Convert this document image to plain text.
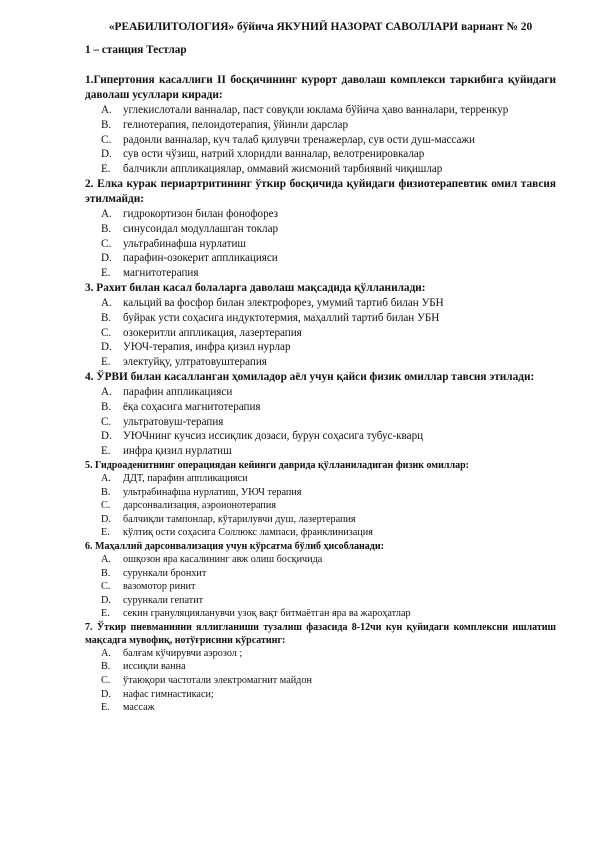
«РЕАБИЛИТОЛОГИЯ» бўйича ЯКУНИЙ НАЗОРАТ САВОЛЛАРИ вариант № 20
1 – станция Тестлар

1.Гипертония касаллиги II босқичининг курорт даволаш комплекси таркибига қуйидаги даволаш усуллари киради:

A.	углекислотали ванналар, паст совуқли юклама бўйича ҳаво ванналари, терренкур
B.	гелиотерапия, пелоидотерапия, ўйинли дарслар
C.	радонли ванналар, куч талаб қилувчи тренажерлар, сув ости душ-массажи
D.	сув ости чўзиш, натрий хлоридли ванналар, велотренировкалар
E.	балчикли аппликациялар, оммавий жисмоний тарбиявий чиқишлар

2. Елка курак периартритининг ўткир босқичида қуйидаги физиотерапевтик омил тавсия этилмайди:

A.	гидрокортизон билан фонофорез
B.	синусоидал модуллашган токлар
C.	ультрабинафша нурлатиш
D.	парафин-озокерит аппликацияси
E.	магнитотерапия

3. Рахит билан касал болаларга даволаш мақсадида қўлланилади:

A.	кальций ва фосфор билан электрофорез, умумий тартиб билан УБН
B.	буйрак усти соҳасига индуктотермия, маҳаллий тартиб билан УБН
C.	озокеритли аппликация, лазертерапия
D.	УЮЧ-терапия, инфра қизил нурлар
E.	электуйқу, ултратовуштерапия

4. ЎРВИ билан касалланган ҳомиладор аёл учун қайси физик омиллар тавсия этилади:

A.	парафин аппликацияси
B.	ёқа соҳасига магнитотерапия
C.	ультратовуш-терапия
D.	УЮЧнинг кучсиз иссиқлик дозаси, бурун соҳасига тубус-кварц
E.	инфра қизил нурлатиш

5. Гидроаденитнинг операциядан кейинги даврида қўлланиладиган физик омиллар:

A.	ДДТ, парафин аппликацияси
B.	ультрабинафша нурлатиш, УЮЧ терапия
C.	дарсонвализация, аэроионотерапия
D.	балчиқли тампонлар, кўтарилувчи душ, лазертерапия
E.	кўлтиқ ости соҳасига Соллюкс лампаси, франклинизация

6. Маҳаллий дарсонвализация учун кўрсатма бўлиб ҳисобланади:

A.	ошқозон яра касалининг авж олиш босқичида
B.	сурункали бронхит
C.	вазомотор ринит
D.	сурункали гепатит
E.	секин грануляцияланувчи узоқ вақт битмаётган яра ва жароҳатлар

7. Ўткир пневманияни яллигланиши тузалиш фазасида 8-12чи кун қуйидаги комплексни ишлатиш мақсадга мувофиқ, нотўғрисини кўрсатинг:

A.	балғам кўчирувчи аэрозол ;
B.	иссиқли ванна
C.	ўтаюқори частотали электромагнит майдон
D.	нафас гимнастикаси;
E.	массаж
